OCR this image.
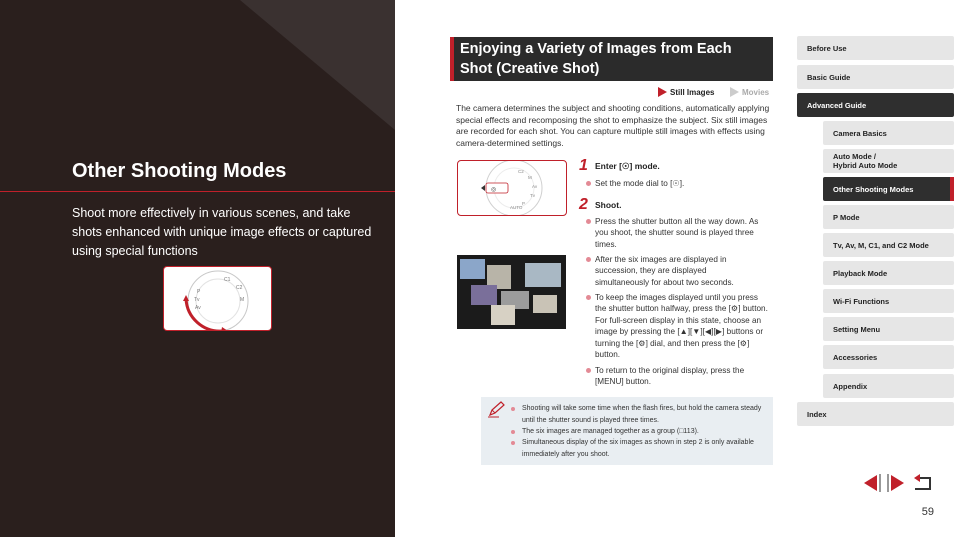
Other Shooting Modes
Shoot more effectively in various scenes, and take shots enhanced with unique image effects or captured using special functions
P
Tv
Av
C1
C2
M
Enjoying a Variety of Images from Each Shot (Creative Shot)
Still Images	Movies
The camera determines the subject and shooting conditions, automatically applying special effects and recomposing the shot to emphasize the subject. Six still images are recorded for each shot. You can capture multiple still images with effects using camera-determined settings.
C2
M
Av
Tv
P
AUTO
◎
1 Enter [☉] mode.
Set the mode dial to [☉].
2 Shoot.
Press the shutter button all the way down. As you shoot, the shutter sound is played three times.
After the six images are displayed in succession, they are displayed simultaneously for about two seconds.
To keep the images displayed until you press the shutter button halfway, press the [⚙] button. For full-screen display in this state, choose an image by pressing the [▲][▼][◀][▶] buttons or turning the [⚙] dial, and then press the [⚙] button.
To return to the original display, press the [MENU] button.
Shooting will take some time when the flash fires, but hold the camera steady until the shutter sound is played three times.
The six images are managed together as a group (□113).
Simultaneous display of the six images as shown in step 2 is only available immediately after you shoot.
Before Use
Basic Guide
Advanced Guide
Camera Basics
Auto Mode /
Hybrid Auto Mode
Other Shooting Modes
P Mode
Tv, Av, M, C1, and C2 Mode
Playback Mode
Wi-Fi Functions
Setting Menu
Accessories
Appendix
Index
59
